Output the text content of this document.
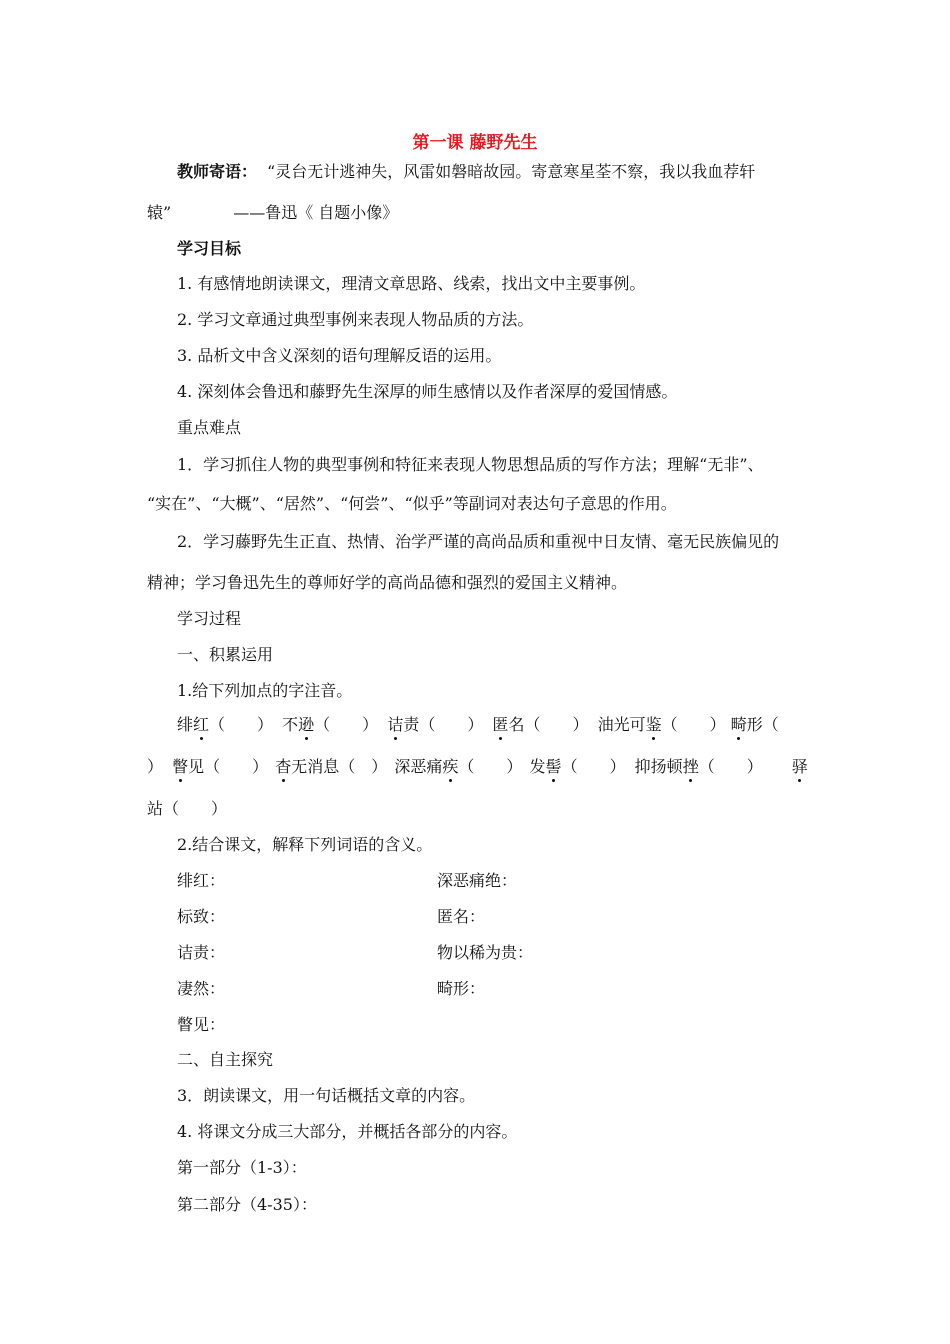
第一课 藤野先生
教师寄语： “灵台无计逃神失，风雷如磐暗故园。寄意寒星荃不察，我以我血荐轩
辕”	——鲁迅《 自题小像》
学习目标
1. 有感情地朗读课文，理清文章思路、线索，找出文中主要事例。
2. 学习文章通过典型事例来表现人物品质的方法。
3. 品析文中含义深刻的语句理解反语的运用。
4. 深刻体会鲁迅和藤野先生深厚的师生感情以及作者深厚的爱国情感。
重点难点
1．学习抓住人物的典型事例和特征来表现人物思想品质的写作方法；理解“无非”、
“实在”、“大概”、“居然”、“何尝”、“似乎”等副词对表达句子意思的作用。
2．学习藤野先生正直、热情、治学严谨的高尚品质和重视中日友情、毫无民族偏见的
精神；学习鲁迅先生的尊师好学的高尚品德和强烈的爱国主义精神。
学习过程
一、积累运用
1.给下列加点的字注音。
绯红（　　） 不逊（　　） 诘责（　　） 匿名（　　） 油光可鉴（　　） 畸形（
） 瞥见（　　） 杳无消息（　） 深恶痛疾（　　） 发髻（　　） 抑扬顿挫（　　） 驿
站（　　）
2.结合课文，解释下列词语的含义。
绯红：
标致：
诘责：
凄然：
瞥见：
深恶痛绝：
匿名：
物以稀为贵：
畸形：
二、自主探究
3．朗读课文，用一句话概括文章的内容。
4. 将课文分成三大部分，并概括各部分的内容。
第一部分（1-3）：
第二部分（4-35）：
